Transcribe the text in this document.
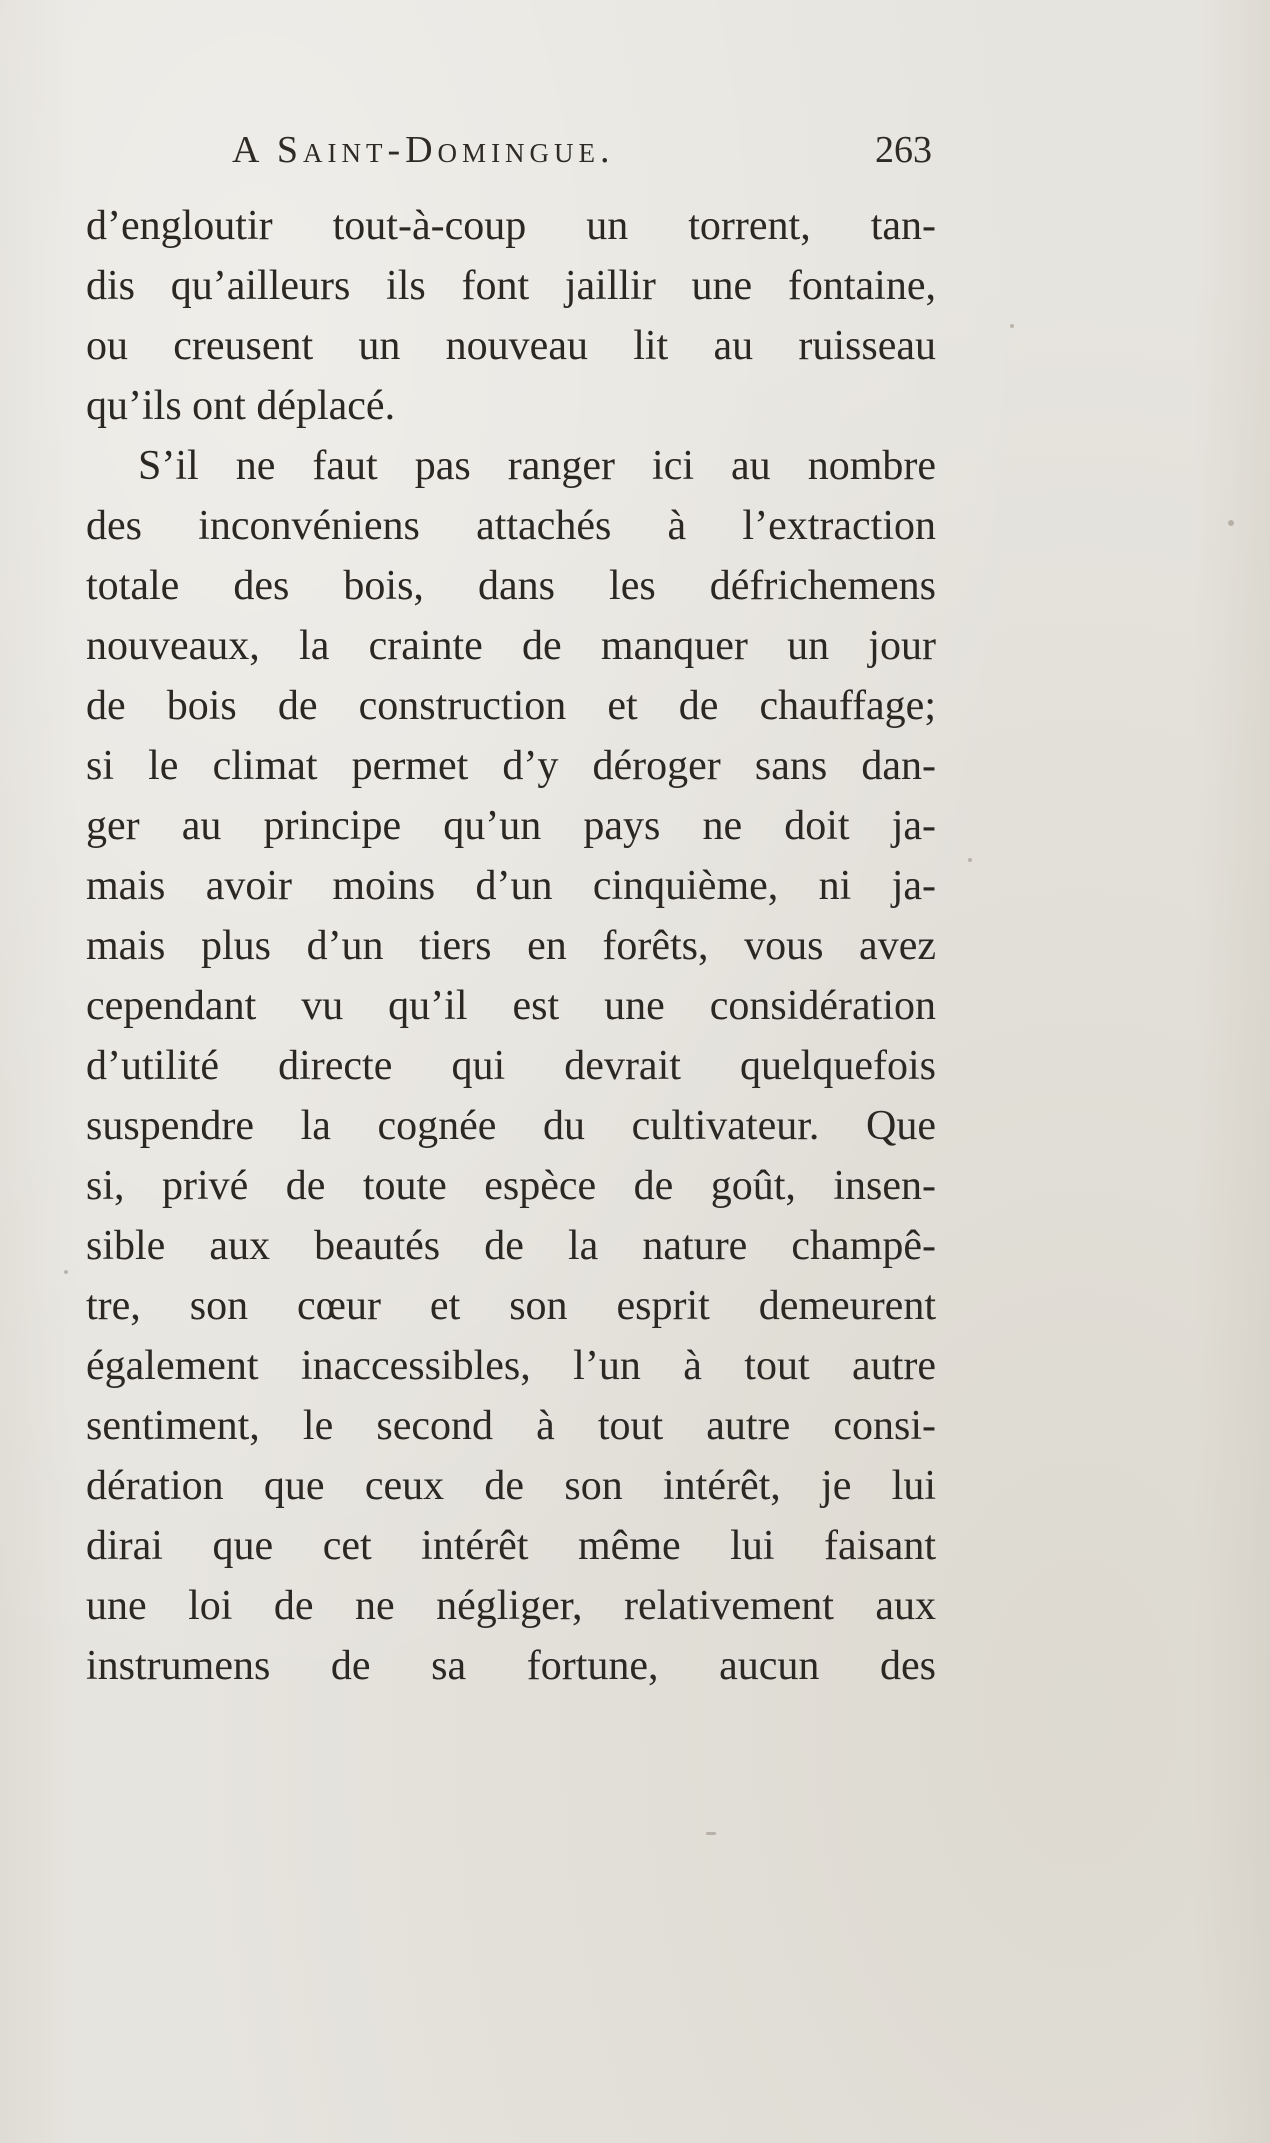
A Saint-Domingue.	263
d’engloutir tout-à-coup un torrent, tan-
dis qu’ailleurs ils font jaillir une fontaine,
ou creusent un nouveau lit au ruisseau
qu’ils ont déplacé.
S’il ne faut pas ranger ici au nombre
des inconvéniens attachés à l’extraction
totale des bois, dans les défrichemens
nouveaux, la crainte de manquer un jour
de bois de construction et de chauffage;
si le climat permet d’y déroger sans dan-
ger au principe qu’un pays ne doit ja-
mais avoir moins d’un cinquième, ni ja-
mais plus d’un tiers en forêts, vous avez
cependant vu qu’il est une considération
d’utilité directe qui devrait quelquefois
suspendre la cognée du cultivateur. Que
si, privé de toute espèce de goût, insen-
sible aux beautés de la nature champê-
tre, son cœur et son esprit demeurent
également inaccessibles, l’un à tout autre
sentiment, le second à tout autre consi-
dération que ceux de son intérêt, je lui
dirai que cet intérêt même lui faisant
une loi de ne négliger, relativement aux
instrumens de sa fortune, aucun des
